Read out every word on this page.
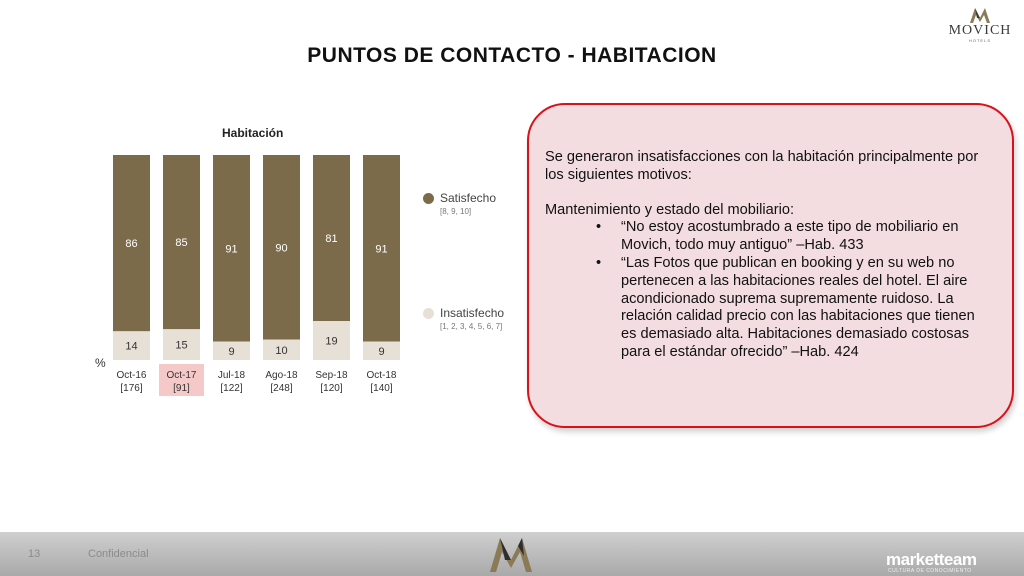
MOVICH
HOTELS
PUNTOS DE CONTACTO - HABITACION
Habitación
%
86
14
Oct-16
[176]
85
15
Oct-17
[91]
91
9
Jul-18
[122]
90
10
Ago-18
[248]
81
19
Sep-18
[120]
91
9
Oct-18
[140]
Satisfecho
[8, 9, 10]
Insatisfecho
[1, 2, 3, 4, 5, 6, 7]

Se generaron insatisfacciones con la habitación principalmente por los siguientes motivos:

Mantenimiento y estado del mobiliario:

• “No estoy acostumbrado a este tipo de mobiliario en Movich, todo muy antiguo” –Hab. 433
• “Las Fotos que publican en booking y en su web no pertenecen a las habitaciones reales del hotel. El aire acondicionado suprema supremamente ruidoso. La relación calidad precio con las habitaciones que tienen es demasiado alta. Habitaciones demasiado costosas para el estándar ofrecido” –Hab. 424
13	Confidencial	marketteam
CULTURA DE CONOCIMIENTO
